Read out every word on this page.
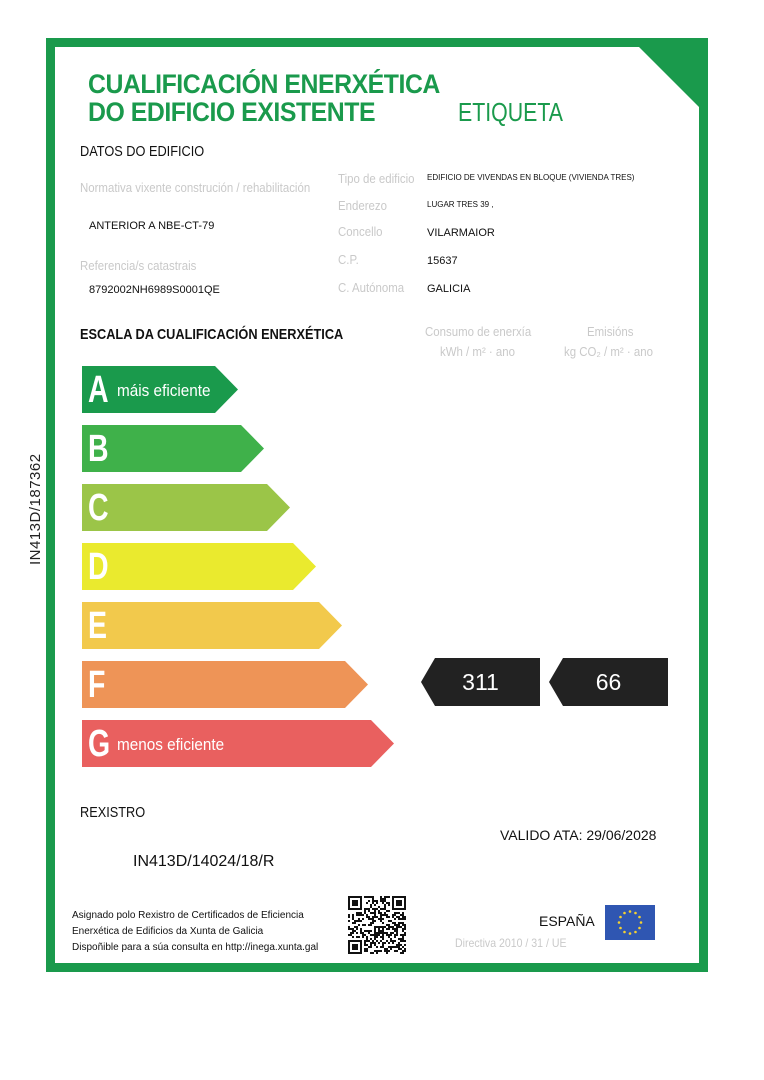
IN413D/187362
CUALIFICACIÓN ENERXÉTICA
DO EDIFICIO EXISTENTE	ETIQUETA
DATOS DO EDIFICIO
Normativa vixente construción / rehabilitación
ANTERIOR A NBE-CT-79
Referencia/s catastrais
8792002NH6989S0001QE
Tipo de edificio EDIFICIO DE VIVENDAS EN BLOQUE (VIVIENDA TRES)
Enderezo	LUGAR TRES 39 ,
Concello	VILARMAIOR
C.P.	15637
C. Autónoma GALICIA
ESCALA DA CUALIFICACIÓN ENERXÉTICA	Consumo de enerxía
kWh / m² · ano
Emisións
kg CO₂ / m² · ano
A máis eficiente
B
C
D
E
F
G menos eficiente
311	66
REXISTRO
VALIDO ATA: 29/06/2028
IN413D/14024/18/R
Asignado polo Rexistro de Certificados de Eficiencia
Enerxética de Edificios da Xunta de Galicia
Dispoñible para a súa consulta en http://inega.xunta.gal
ESPAÑA
Directiva 2010 / 31 / UE
